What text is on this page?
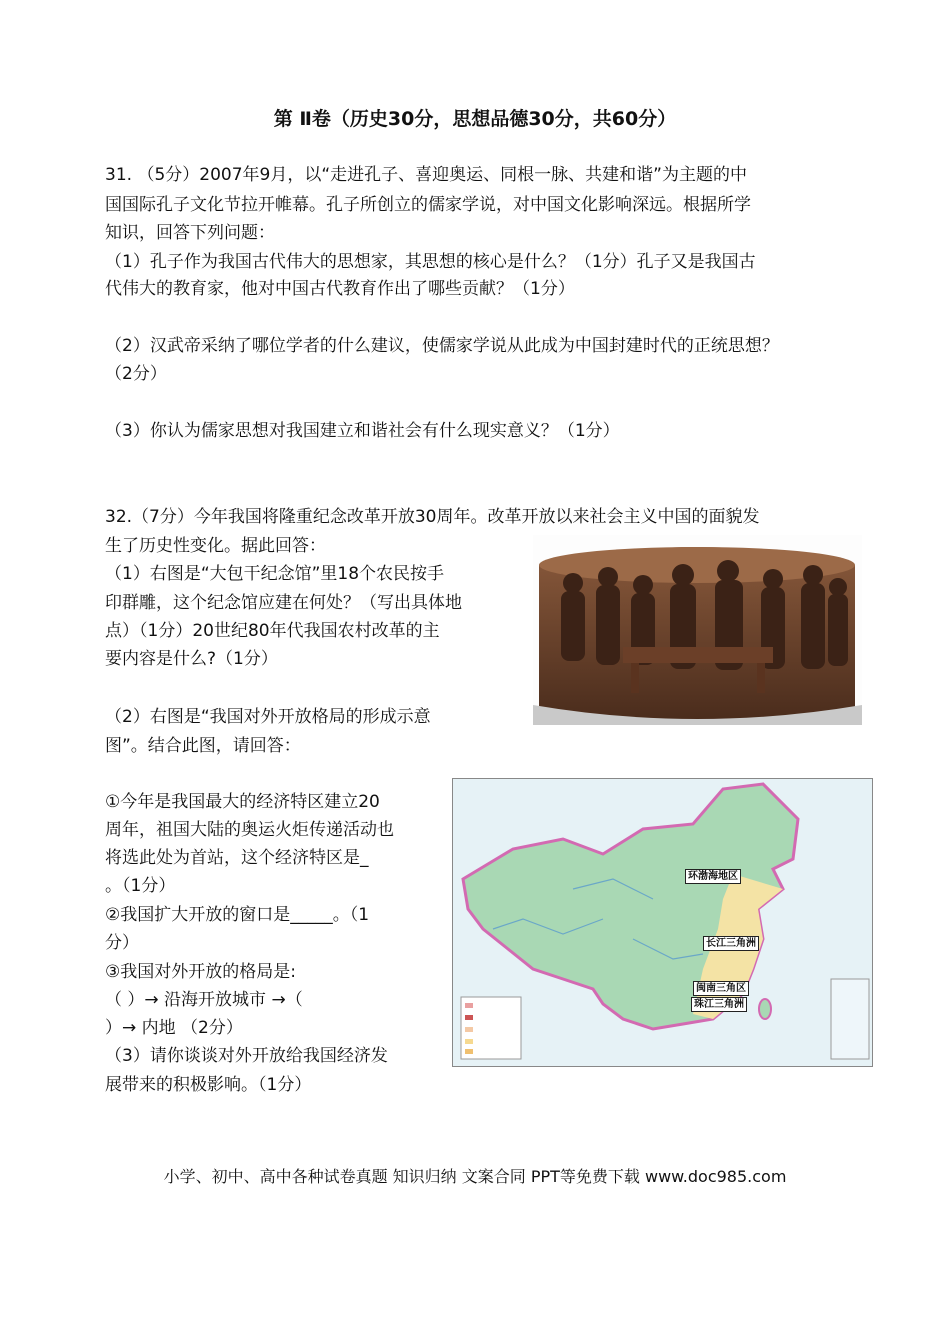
第 Ⅱ卷（历史30分，思想品德30分，共60分）
31. （5分）2007年9月，以“走进孔子、喜迎奥运、同根一脉、共建和谐”为主题的中
国国际孔子文化节拉开帷幕。孔子所创立的儒家学说，对中国文化影响深远。根据所学
知识，回答下列问题：
（1）孔子作为我国古代伟大的思想家，其思想的核心是什么？（1分）孔子又是我国古
代伟大的教育家，他对中国古代教育作出了哪些贡献？（1分）
（2）汉武帝采纳了哪位学者的什么建议，使儒家学说从此成为中国封建时代的正统思想？
（2分）
（3）你认为儒家思想对我国建立和谐社会有什么现实意义？（1分）
32.（7分）今年我国将隆重纪念改革开放30周年。改革开放以来社会主义中国的面貌发
生了历史性变化。据此回答：
（1）右图是“大包干纪念馆”里18个农民按手
印群雕，这个纪念馆应建在何处？（写出具体地
点）（1分）20世纪80年代我国农村改革的主
要内容是什么?（1分）
（2）右图是“我国对外开放格局的形成示意
图”。结合此图，请回答：
①今年是我国最大的经济特区建立20
周年，祖国大陆的奥运火炬传递活动也
将选此处为首站，这个经济特区是_
。（1分）
②我国扩大开放的窗口是_____。（1
分）
③我国对外开放的格局是:
（ ）→ 沿海开放城市 →（
）→ 内地 （2分）
（3）请你谈谈对外开放给我国经济发
展带来的积极影响。（1分）
环渤海地区
长江三角洲
闽南三角区
珠江三角洲
小学、初中、高中各种试卷真题 知识归纳 文案合同 PPT等免费下载 www.doc985.com
